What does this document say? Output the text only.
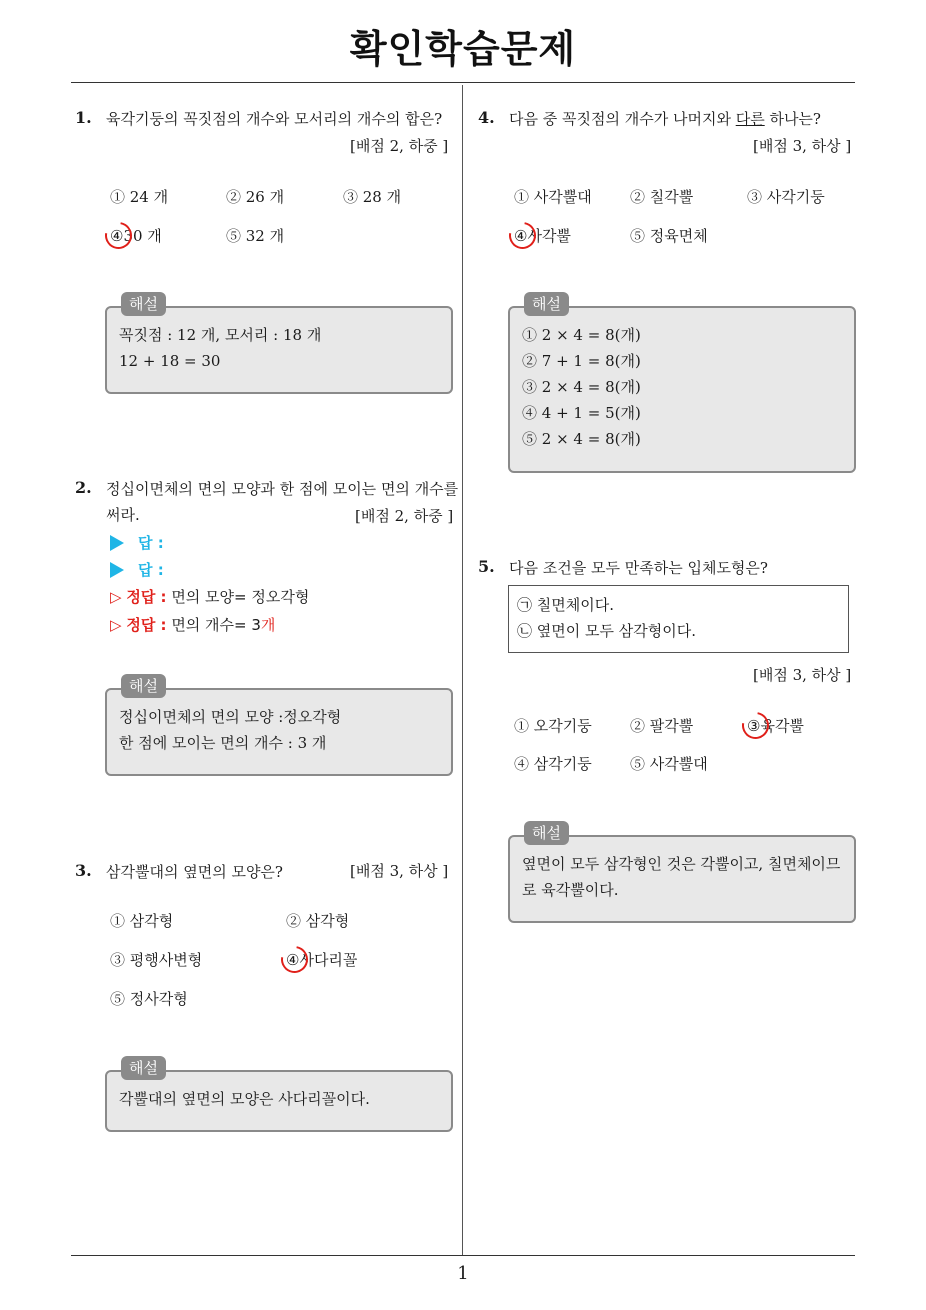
확인학습문제
1
1. 육각기둥의 꼭짓점의 개수와 모서리의 개수의 합은?
[배점 2, 하중 ]
① 24 개	② 26 개	③ 28 개
④
30 개	⑤ 32 개
해설
꼭짓점 : 12 개, 모서리 : 18 개
12 + 18 = 30
2. 정십이면체의 면의 모양과 한 점에 모이는 면의 개수를
써라.	[배점 2, 하중 ]
답 :
답 :
▷ 정답 : 면의 모양= 정오각형
▷ 정답 : 면의 개수= 3개
해설
정십이면체의 면의 모양 :정오각형
한 점에 모이는 면의 개수 : 3 개
3. 삼각뿔대의 옆면의 모양은?	[배점 3, 하상 ]
① 삼각형	② 삼각형
③ 평행사변형	④
사다리꼴
⑤ 정사각형
해설
각뿔대의 옆면의 모양은 사다리꼴이다.
4. 다음 중 꼭짓점의 개수가 나머지와 다른 하나는?
[배점 3, 하상 ]
① 사각뿔대	② 칠각뿔	③ 사각기둥
④
사각뿔	⑤ 정육면체
해설
① 2 × 4 = 8(개)
② 7 + 1 = 8(개)
③ 2 × 4 = 8(개)
④ 4 + 1 = 5(개)
⑤ 2 × 4 = 8(개)
5. 다음 조건을 모두 만족하는 입체도형은?
㉠ 칠면체이다.
㉡ 옆면이 모두 삼각형이다.
[배점 3, 하상 ]
① 오각기둥	② 팔각뿔	③
육각뿔
④ 삼각기둥	⑤ 사각뿔대
해설
옆면이 모두 삼각형인 것은 각뿔이고, 칠면체이므
로 육각뿔이다.
